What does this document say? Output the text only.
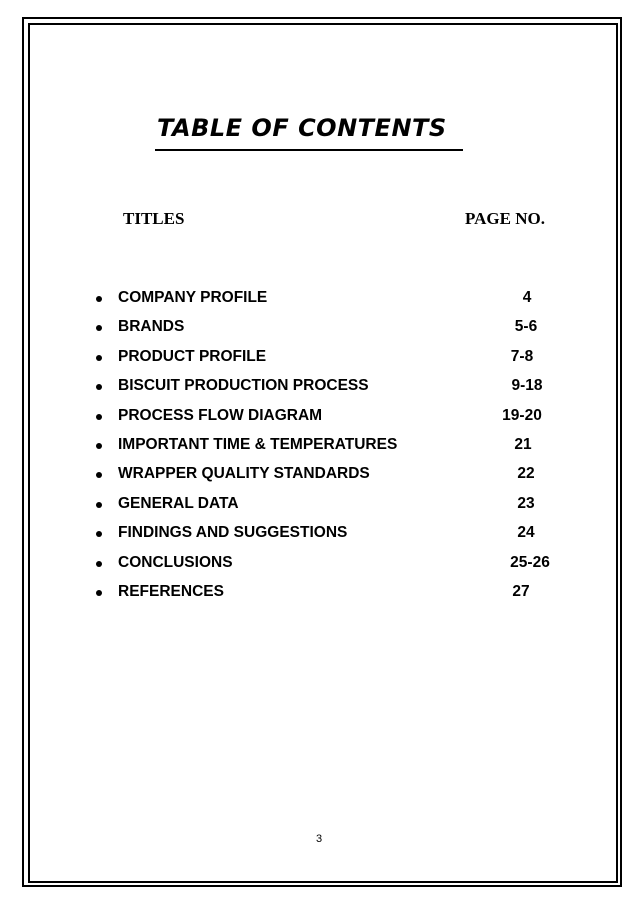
TABLE OF CONTENTS
TITLES	PAGE NO.
COMPANY PROFILE	4
BRANDS	5-6
PRODUCT PROFILE	7-8
BISCUIT PRODUCTION PROCESS	9-18
PROCESS FLOW DIAGRAM	19-20
IMPORTANT TIME & TEMPERATURES	21
WRAPPER QUALITY STANDARDS	22
GENERAL DATA	23
FINDINGS AND SUGGESTIONS	24
CONCLUSIONS	25-26
REFERENCES	27
3
